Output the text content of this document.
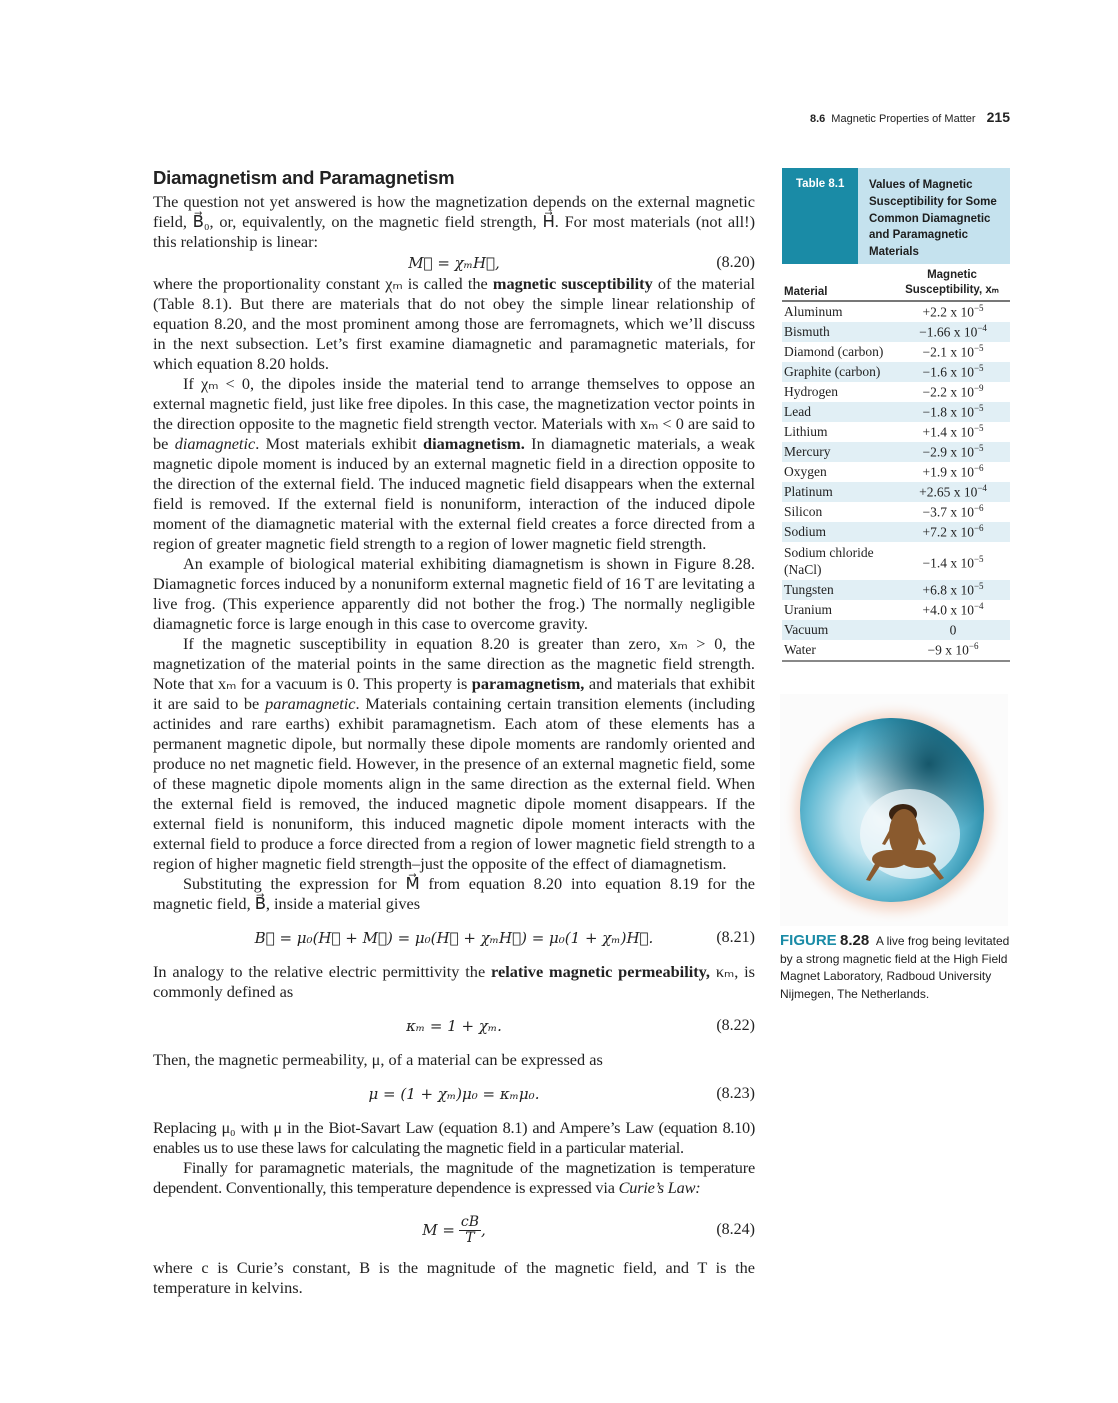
8.6 Magnetic Properties of Matter 215
Diamagnetism and Paramagnetism

The question not yet answered is how the magnetization depends on the external magnetic field, B⃗₀, or, equivalently, on the magnetic field strength, H⃗. For most materials (not all!) this relationship is linear:

M⃗ = χₘH⃗,	(8.20)

where the proportionality constant χₘ is called the magnetic susceptibility of the material (Table 8.1). But there are materials that do not obey the simple linear relationship of equation 8.20, and the most prominent among those are ferromagnets, which we’ll discuss in the next subsection. Let’s first examine diamagnetic and paramagnetic materials, for which equation 8.20 holds.

If χₘ < 0, the dipoles inside the material tend to arrange themselves to oppose an external magnetic field, just like free dipoles. In this case, the magnetization vector points in the direction opposite to the magnetic field strength vector. Materials with xₘ < 0 are said to be diamagnetic. Most materials exhibit diamagnetism. In diamagnetic materials, a weak magnetic dipole moment is induced by an external magnetic field in a direction opposite to the direction of the external field. The induced magnetic field disappears when the external field is removed. If the external field is nonuniform, interaction of the induced dipole moment of the diamagnetic material with the external field creates a force directed from a region of greater magnetic field strength to a region of lower magnetic field strength.

An example of biological material exhibiting diamagnetism is shown in Figure 8.28. Diamagnetic forces induced by a nonuniform external magnetic field of 16 T are levitating a live frog. (This experience apparently did not bother the frog.) The normally negligible diamagnetic force is large enough in this case to overcome gravity.

If the magnetic susceptibility in equation 8.20 is greater than zero, xₘ > 0, the magnetization of the material points in the same direction as the magnetic field strength. Note that xₘ for a vacuum is 0. This property is paramagnetism, and materials that exhibit it are said to be paramagnetic. Materials containing certain transition elements (including actinides and rare earths) exhibit paramagnetism. Each atom of these elements has a permanent magnetic dipole, but normally these dipole moments are randomly oriented and produce no net magnetic field. However, in the presence of an external magnetic field, some of these magnetic dipole moments align in the same direction as the external field. When the external field is removed, the induced magnetic dipole moment disappears. If the external field is nonuniform, this induced magnetic dipole moment interacts with the external field to produce a force directed from a region of lower magnetic field strength to a region of higher magnetic field strength–just the opposite of the effect of diamagnetism.

Substituting the expression for M⃗ from equation 8.20 into equation 8.19 for the magnetic field, B⃗, inside a material gives

B⃗ = μ₀(H⃗ + M⃗) = μ₀(H⃗ + χₘH⃗) = μ₀(1 + χₘ)H⃗.	(8.21)

In analogy to the relative electric permittivity the relative magnetic permeability, κₘ, is commonly defined as

κₘ = 1 + χₘ.	(8.22)

Then, the magnetic permeability, μ, of a material can be expressed as

μ = (1 + χₘ)μ₀ = κₘμ₀.	(8.23)

Replacing μ₀ with μ in the Biot-Savart Law (equation 8.1) and Ampere’s Law (equation 8.10) enables us to use these laws for calculating the magnetic field in a particular material.

Finally for paramagnetic materials, the magnitude of the magnetization is temperature dependent. Conventionally, this temperature dependence is expressed via Curie’s Law:

$M = \frac{cB}{T}$ ,	(8.24)

where c is Curie’s constant, B is the magnitude of the magnetic field, and T is the temperature in kelvins.

Table 8.1	Values of Magnetic Susceptibility for Some Common Diamagnetic and Paramagnetic Materials
Material
Magnetic
Susceptibility, xₘ
Aluminum	+2.2 x $10^{-5}$
Bismuth	−1.66 x $10^{-4}$
Diamond (carbon)	−2.1 x $10^{-5}$
Graphite (carbon)	−1.6 x $10^{-5}$
Hydrogen	−2.2 x $10^{-9}$
Lead	−1.8 x $10^{-5}$
Lithium	+1.4 x $10^{-5}$
Mercury	−2.9 x $10^{-5}$
Oxygen	+1.9 x $10^{-6}$
Platinum	+2.65 x $10^{-4}$
Silicon	−3.7 x $10^{-6}$
Sodium	+7.2 x $10^{-6}$
Sodium chloride (NaCl)	−1.4 x $10^{-5}$
Tungsten	+6.8 x $10^{-5}$
Uranium	+4.0 x $10^{-4}$
Vacuum	0
Water	−9 x $10^{-6}$
FIGURE 8.28 A live frog being levitated by a strong magnetic field at the High Field Magnet Laboratory, Radboud University Nijmegen, The Netherlands.
